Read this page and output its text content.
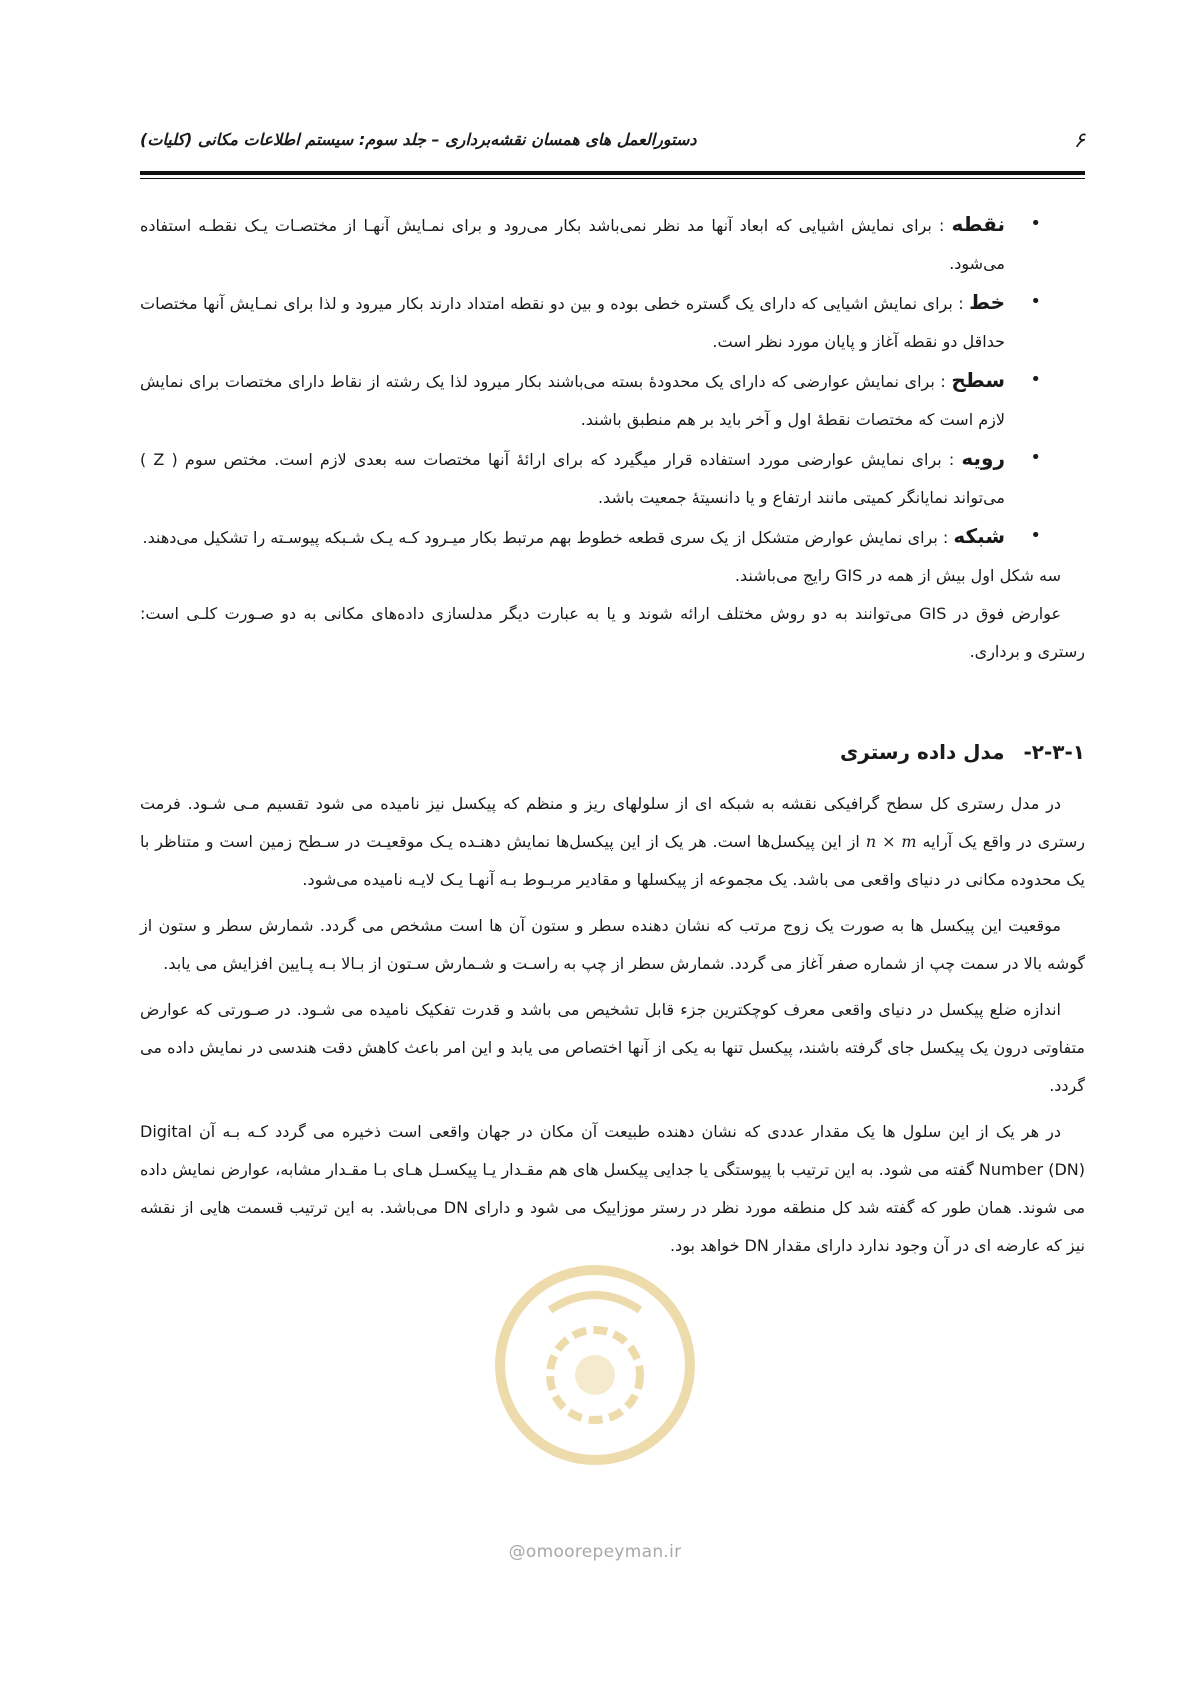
۶
دستورالعمل های همسان نقشه‌برداری – جلد سوم: سیستم اطلاعات مکانی (کلیات)
• نقطه : برای نمایش اشیایی که ابعاد آنها مد نظر نمی‌باشد بکار می‌رود و برای نمـایش آنهـا از مختصـات یـک نقطـه استفاده می‌شود.
• خط : برای نمایش اشیایی که دارای یک گستره خطی بوده و بین دو نقطه امتداد دارند بکار میرود و لذا برای نمـایش آنها مختصات حداقل دو نقطه آغاز و پایان مورد نظر است.
• سطح : برای نمایش عوارضی که دارای یک محدودۀ بسته می‌باشند بکار میرود لذا یک رشته از نقاط دارای مختصات برای نمایش لازم است که مختصات نقطۀ اول و آخر باید بر هم منطبق باشند.
• رویه : برای نمایش عوارضی مورد استفاده قرار میگیرد که برای ارائۀ آنها مختصات سه بعدی لازم است. مختص سوم ( Z ) می‌تواند نمایانگر کمیتی مانند ارتفاع و یا دانسیتۀ جمعیت باشد.
• شبکه : برای نمایش عوارض متشکل از یک سری قطعه خطوط بهم مرتبط بکار میـرود کـه یـک شـبکه پیوسـته را تشکیل می‌دهند.

سه شکل اول بیش از همه در GIS رایج می‌باشند.

عوارض فوق در GIS می‌توانند به دو روش مختلف ارائه شوند و یا به عبارت دیگر مدلسازی داده‌های مکانی به دو صـورت کلـی است: رستری و برداری.

۲-۳-۱- مدل داده رستری

در مدل رستری کل سطح گرافیکی نقشه به شبکه ای از سلولهای ریز و منظم که پیکسل نیز نامیده می شود تقسیم مـی شـود. فرمت رستری در واقع یک آرایهn × mاز این پیکسل‌ها است. هر یک از این پیکسل‌ها نمایش دهنـده یـک موقعیـت در سـطح زمین است و متناظر با یک محدوده مکانی در دنیای واقعی می باشد. یک مجموعه از پیکسلها و مقادیر مربـوط بـه آنهـا یـک لایـه نامیده می‌شود.

موقعیت این پیکسل ها به صورت یک زوج مرتب که نشان دهنده سطر و ستون آن ها است مشخص می گردد. شمارش سطر و ستون از گوشه بالا در سمت چپ از شماره صفر آغاز می گردد. شمارش سطر از چپ به راسـت و شـمارش سـتون از بـالا بـه پـایین افزایش می یابد.

اندازه ضلع پیکسل در دنیای واقعی معرف کوچکترین جزء قابل تشخیص می باشد و قدرت تفکیک نامیده می شـود. در صـورتی که عوارض متفاوتی درون یک پیکسل جای گرفته باشند، پیکسل تنها به یکی از آنها اختصاص می یابد و این امر باعث کاهش دقت هندسی در نمایش داده می گردد.

در هر یک از این سلول ها یک مقدار عددی که نشان دهنده طبیعت آن مکان در جهان واقعی است ذخیره می گردد کـه بـه آن Digital Number (DN) گفته می شود. به این ترتیب با پیوستگی یا جدایی پیکسل های هم مقـدار یـا پیکسـل هـای بـا مقـدار مشابه، عوارض نمایش داده می شوند. همان طور که گفته شد کل منطقه مورد نظر در رستر موزاییک می شود و دارای DN می‌باشد. به این ترتیب قسمت هایی از نقشه نیز که عارضه ای در آن وجود ندارد دارای مقدار DN خواهد بود.

@omoorepeyman.ir
